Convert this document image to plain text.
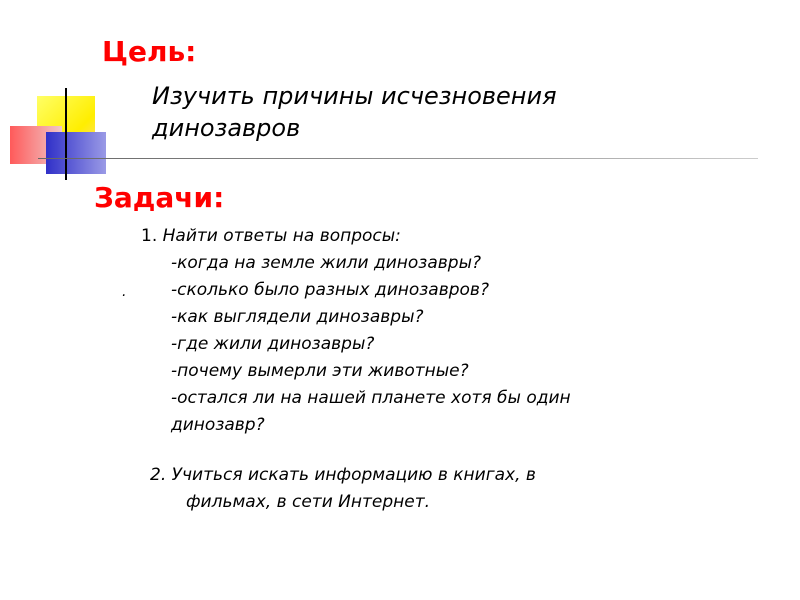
Цель:
Изучить причины исчезновения
динозавров
Задачи:

1. Найти ответы на вопросы:

-когда на земле жили динозавры?

-сколько было разных динозавров?

-как выглядели динозавры?

-где жили динозавры?

-почему вымерли эти животные?

-остался ли на нашей планете хотя бы один

динозавр?

.

2. Учиться искать информацию в книгах, в

фильмах, в сети Интернет.
